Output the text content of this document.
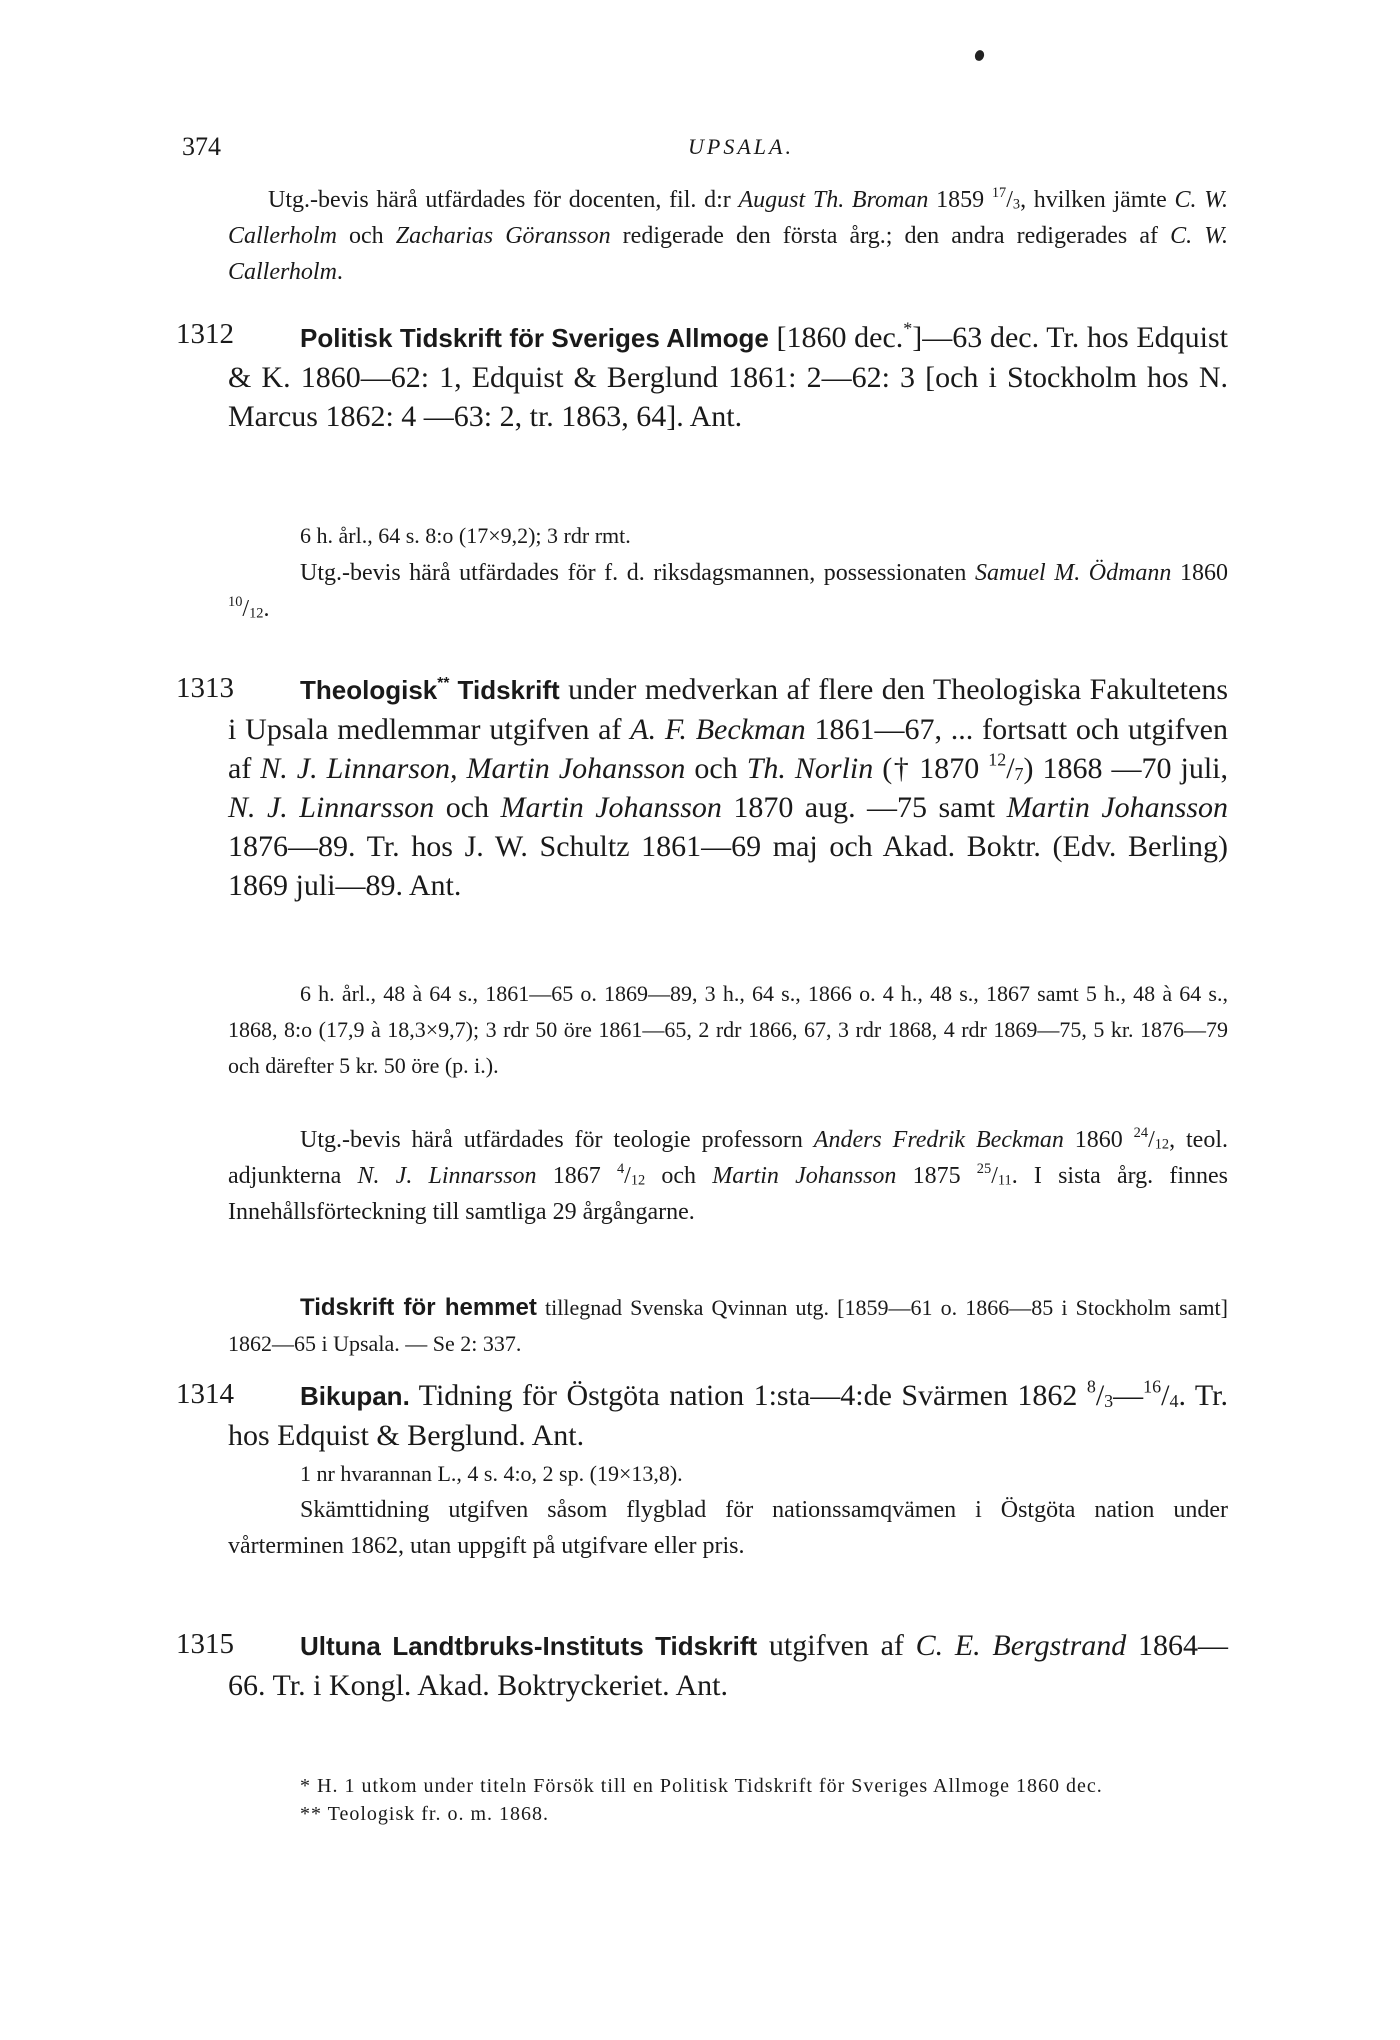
374	UPSALA.
Utg.-bevis härå utfärdades för docenten, fil. d:r August Th. Broman 1859 $^{17}/_3$, hvilken jämte C. W. Callerholm och Zacharias Göransson redigerade den första årg.; den andra redigerades af C. W. Callerholm.
1312	Politisk Tidskrift för Sveriges Allmoge [1860 dec.*]—63 dec. Tr. hos Edquist & K. 1860—62: 1, Edquist & Berglund 1861: 2—62: 3 [och i Stockholm hos N. Marcus 1862: 4 —63: 2, tr. 1863, 64]. Ant.

6 h. årl., 64 s. 8:o (17×9,2); 3 rdr rmt.

Utg.-bevis härå utfärdades för f. d. riksdagsmannen, possessionaten Samuel M. Ödmann 1860 $^{10}/_{12}$.

1313	Theologisk** Tidskrift under medverkan af flere den Theologiska Fakultetens i Upsala medlemmar utgifven af A. F. Beckman 1861—67, ... fortsatt och utgifven af N. J. Linnarson, Martin Johansson och Th. Norlin († 1870 $^{12}/_7$) 1868 —70 juli, N. J. Linnarsson och Martin Johansson 1870 aug. —75 samt Martin Johansson 1876—89. Tr. hos J. W. Schultz 1861—69 maj och Akad. Boktr. (Edv. Berling) 1869 juli—89. Ant.

6 h. årl., 48 à 64 s., 1861—65 o. 1869—89, 3 h., 64 s., 1866 o. 4 h., 48 s., 1867 samt 5 h., 48 à 64 s., 1868, 8:o (17,9 à 18,3×9,7); 3 rdr 50 öre 1861—65, 2 rdr 1866, 67, 3 rdr 1868, 4 rdr 1869—75, 5 kr. 1876—79 och därefter 5 kr. 50 öre (p. i.).

Utg.-bevis härå utfärdades för teologie professorn Anders Fredrik Beckman 1860 $^{24}/_{12}$, teol. adjunkterna N. J. Linnarsson 1867 $^4/_{12}$ och Martin Johansson 1875 $^{25}/_{11}$. I sista årg. finnes Innehållsförteckning till samtliga 29 årgångarne.

Tidskrift för hemmet tillegnad Svenska Qvinnan utg. [1859—61 o. 1866—85 i Stockholm samt] 1862—65 i Upsala. — Se 2: 337.

1314	Bikupan. Tidning för Östgöta nation 1:sta—4:de Svärmen 1862 $^8/_3—^{16}/_4$. Tr. hos Edquist & Berglund. Ant.

1 nr hvarannan L., 4 s. 4:o, 2 sp. (19×13,8).

Skämttidning utgifven såsom flygblad för nationssamqvämen i Östgöta nation under vårterminen 1862, utan uppgift på utgifvare eller pris.

1315	Ultuna Landtbruks-Instituts Tidskrift utgifven af C. E. Bergstrand 1864—66. Tr. i Kongl. Akad. Boktryckeriet. Ant.

* H. 1 utkom under titeln Försök till en Politisk Tidskrift för Sveriges Allmoge 1860 dec.

** Teologisk fr. o. m. 1868.
